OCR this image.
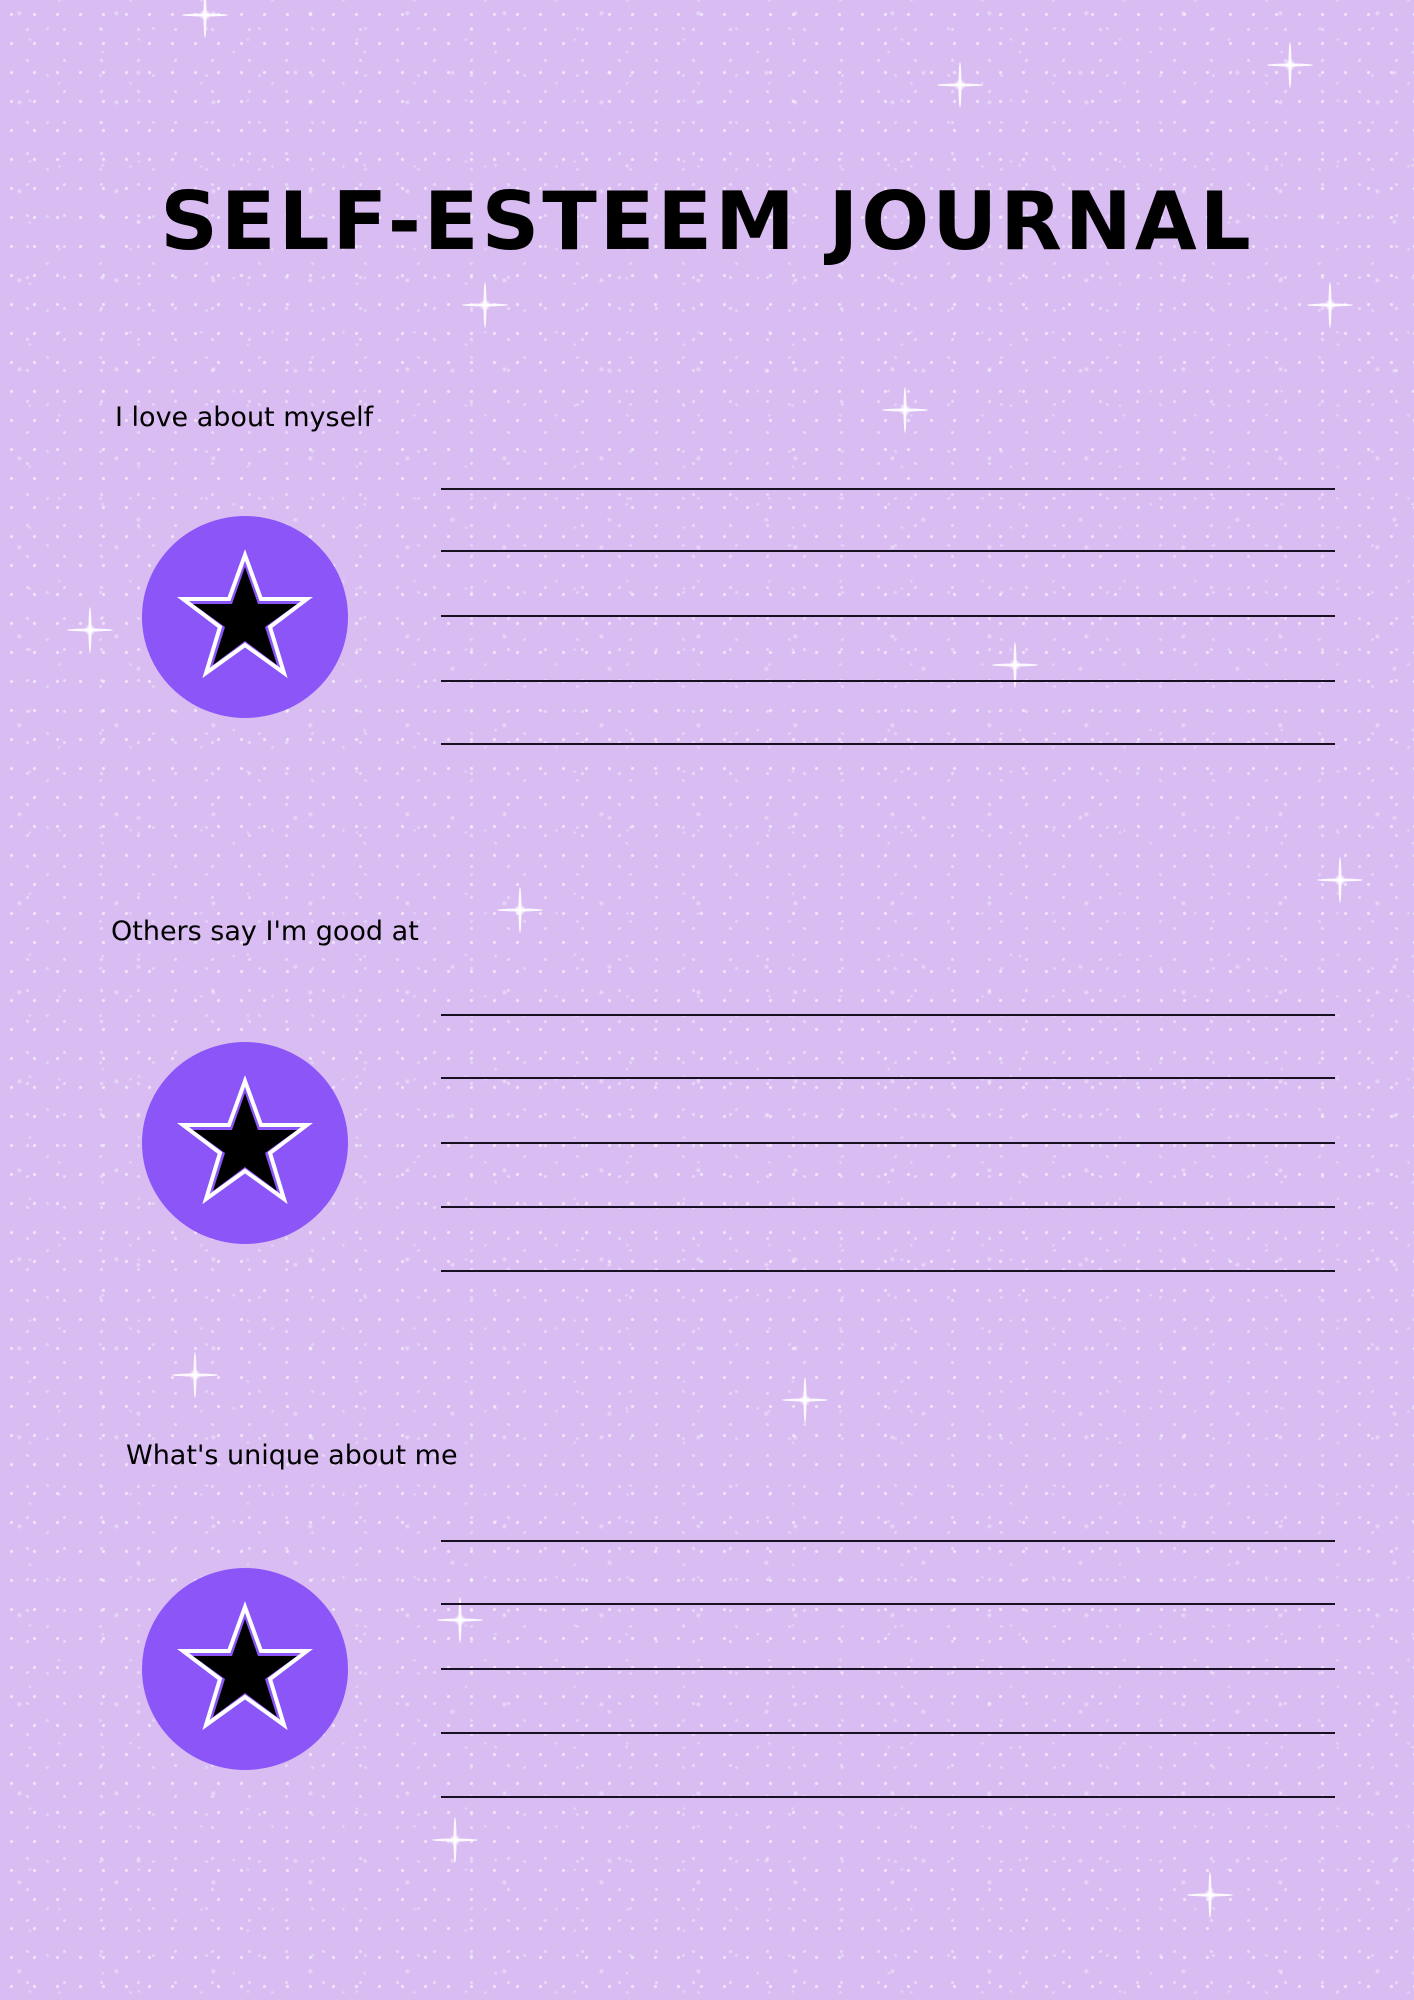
SELF-ESTEEM JOURNAL
I love about myself
Others say I'm good at
What's unique about me
